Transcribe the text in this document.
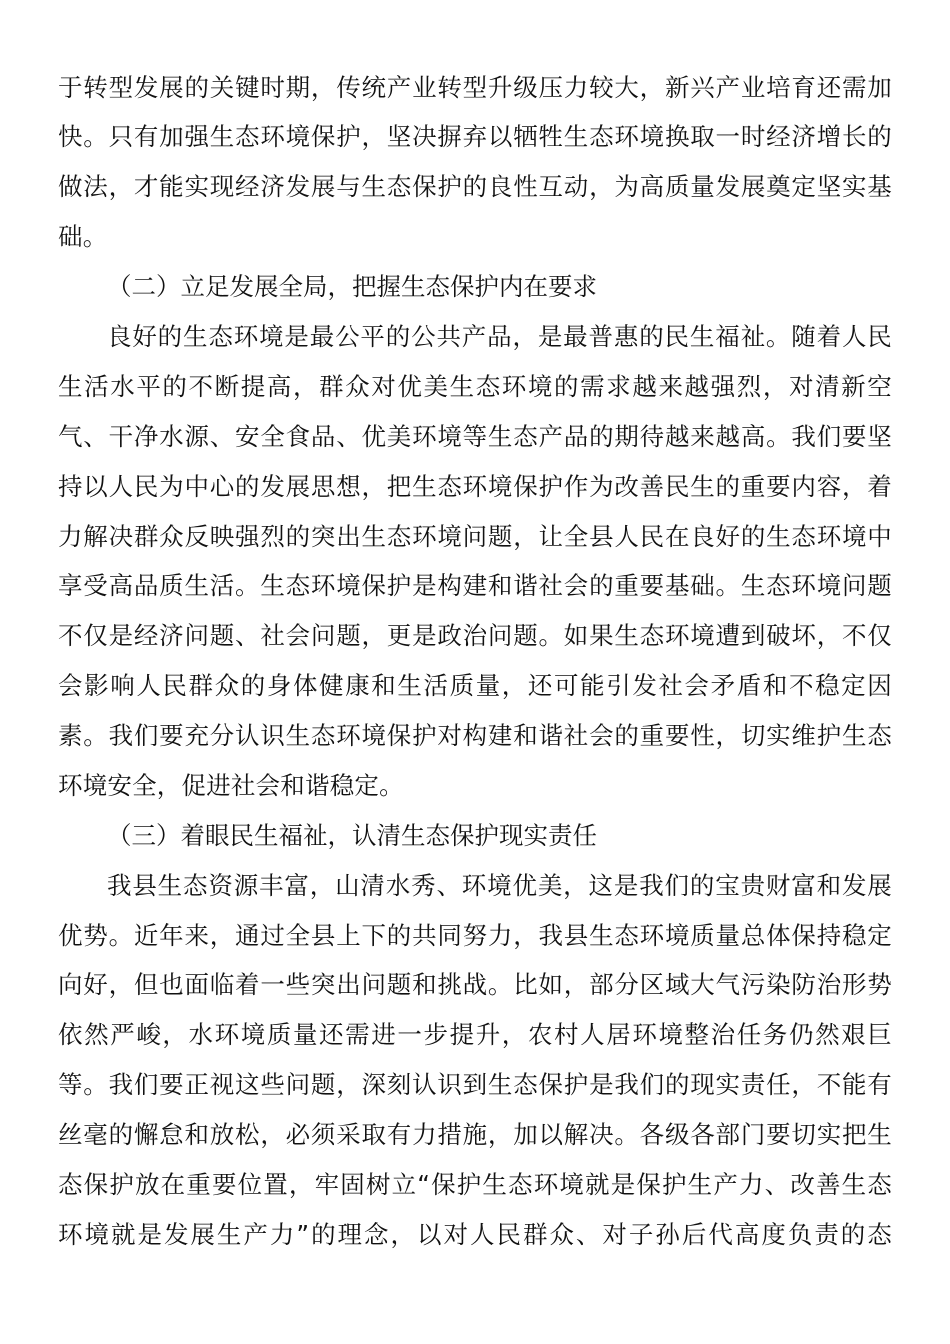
于转型发展的关键时期，传统产业转型升级压力较大，新兴产业培育还需加
快。只有加强生态环境保护，坚决摒弃以牺牲生态环境换取一时经济增长的
做法，才能实现经济发展与生态保护的良性互动，为高质量发展奠定坚实基
础。
（二）立足发展全局，把握生态保护内在要求
良好的生态环境是最公平的公共产品，是最普惠的民生福祉。随着人民
生活水平的不断提高，群众对优美生态环境的需求越来越强烈，对清新空
气、干净水源、安全食品、优美环境等生态产品的期待越来越高。我们要坚
持以人民为中心的发展思想，把生态环境保护作为改善民生的重要内容，着
力解决群众反映强烈的突出生态环境问题，让全县人民在良好的生态环境中
享受高品质生活。生态环境保护是构建和谐社会的重要基础。生态环境问题
不仅是经济问题、社会问题，更是政治问题。如果生态环境遭到破坏，不仅
会影响人民群众的身体健康和生活质量，还可能引发社会矛盾和不稳定因
素。我们要充分认识生态环境保护对构建和谐社会的重要性，切实维护生态
环境安全，促进社会和谐稳定。
（三）着眼民生福祉，认清生态保护现实责任
我县生态资源丰富，山清水秀、环境优美，这是我们的宝贵财富和发展
优势。近年来，通过全县上下的共同努力，我县生态环境质量总体保持稳定
向好，但也面临着一些突出问题和挑战。比如，部分区域大气污染防治形势
依然严峻，水环境质量还需进一步提升，农村人居环境整治任务仍然艰巨
等。我们要正视这些问题，深刻认识到生态保护是我们的现实责任，不能有
丝毫的懈怠和放松，必须采取有力措施，加以解决。各级各部门要切实把生
态保护放在重要位置，牢固树立“保护生态环境就是保护生产力、改善生态
环境就是发展生产力”的理念，以对人民群众、对子孙后代高度负责的态
